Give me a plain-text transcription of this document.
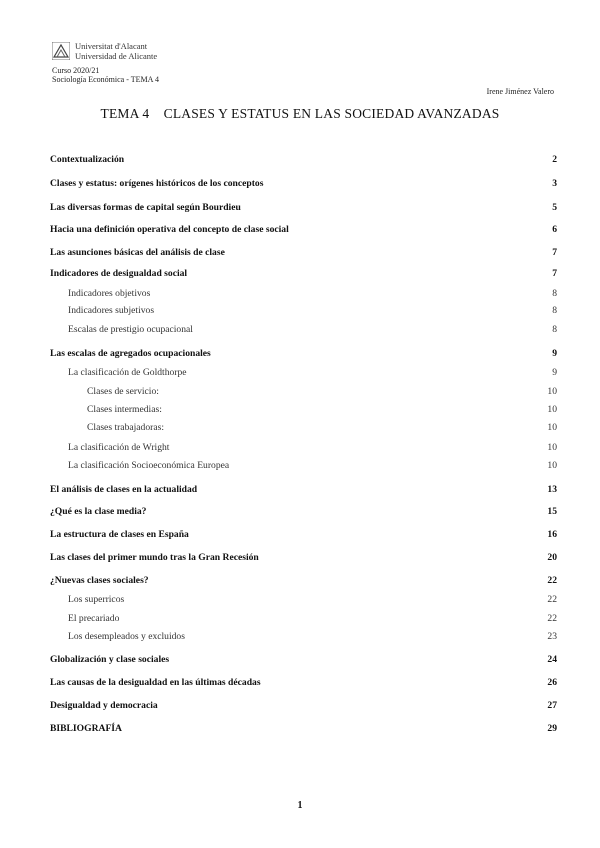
Universitat d'Alacant
Universidad de Alicante
Curso 2020/21
Sociología Económica - TEMA 4
Irene Jiménez Valero
TEMA 4    CLASES Y ESTATUS EN LAS SOCIEDAD AVANZADAS
Contextualización	2
Clases y estatus: orígenes históricos de los conceptos	3
Las diversas formas de capital según Bourdieu	5
Hacia una definición operativa del concepto de clase social	6
Las asunciones básicas del análisis de clase	7
Indicadores de desigualdad social	7
Indicadores objetivos	8
Indicadores subjetivos	8
Escalas de prestigio ocupacional	8
Las escalas de agregados ocupacionales	9
La clasificación de Goldthorpe	9
Clases de servicio:	10
Clases intermedias:	10
Clases trabajadoras:	10
La clasificación de Wright	10
La clasificación Socioeconómica Europea	10
El análisis de clases en la actualidad	13
¿Qué es la clase media?	15
La estructura de clases en España	16
Las clases del primer mundo tras la Gran Recesión	20
¿Nuevas clases sociales?	22
Los superricos	22
El precariado	22
Los desempleados y excluidos	23
Globalización y clase sociales	24
Las causas de la desigualdad en las últimas décadas	26
Desigualdad y democracia	27
BIBLIOGRAFÍA	29
1
